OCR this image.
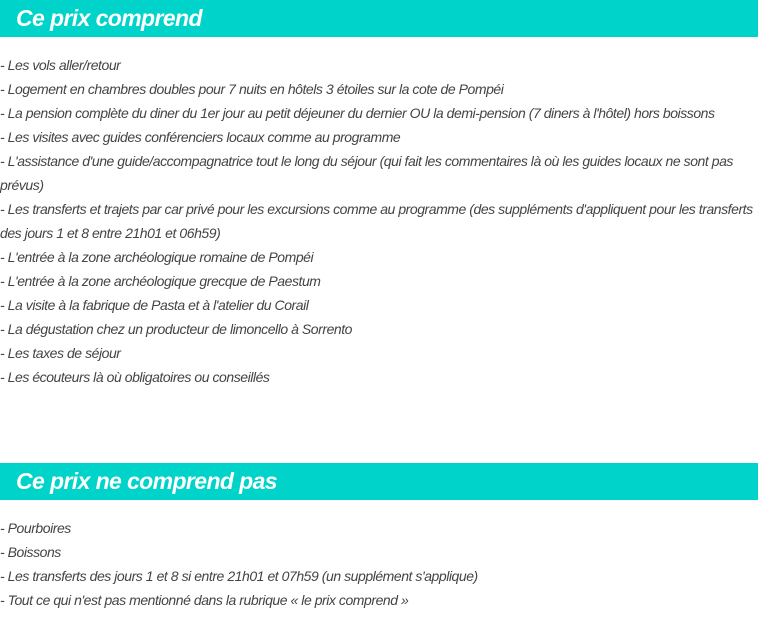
Ce prix comprend
- Les vols aller/retour
- Logement en chambres doubles pour 7 nuits en hôtels 3 étoiles sur la cote de Pompéi
- La pension complète du diner du 1er jour au petit déjeuner du dernier OU la demi-pension (7 diners à l'hôtel) hors boissons
- Les visites avec guides conférenciers locaux comme au programme
- L'assistance d'une guide/accompagnatrice tout le long du séjour (qui fait les commentaires là où les guides locaux ne sont pas prévus)
- Les transferts et trajets par car privé pour les excursions comme au programme (des suppléments d'appliquent pour les transferts des jours 1 et 8 entre 21h01 et 06h59)
- L'entrée à la zone archéologique romaine de Pompéi
- L'entrée à la zone archéologique grecque de Paestum
- La visite à la fabrique de Pasta et à l'atelier du Corail
- La dégustation chez un producteur de limoncello à Sorrento
- Les taxes de séjour
- Les écouteurs là où obligatoires ou conseillés
Ce prix ne comprend pas
- Pourboires
- Boissons
- Les transferts des jours 1 et 8 si entre 21h01 et 07h59 (un supplément s'applique)
- Tout ce qui n'est pas mentionné dans la rubrique « le prix comprend »
